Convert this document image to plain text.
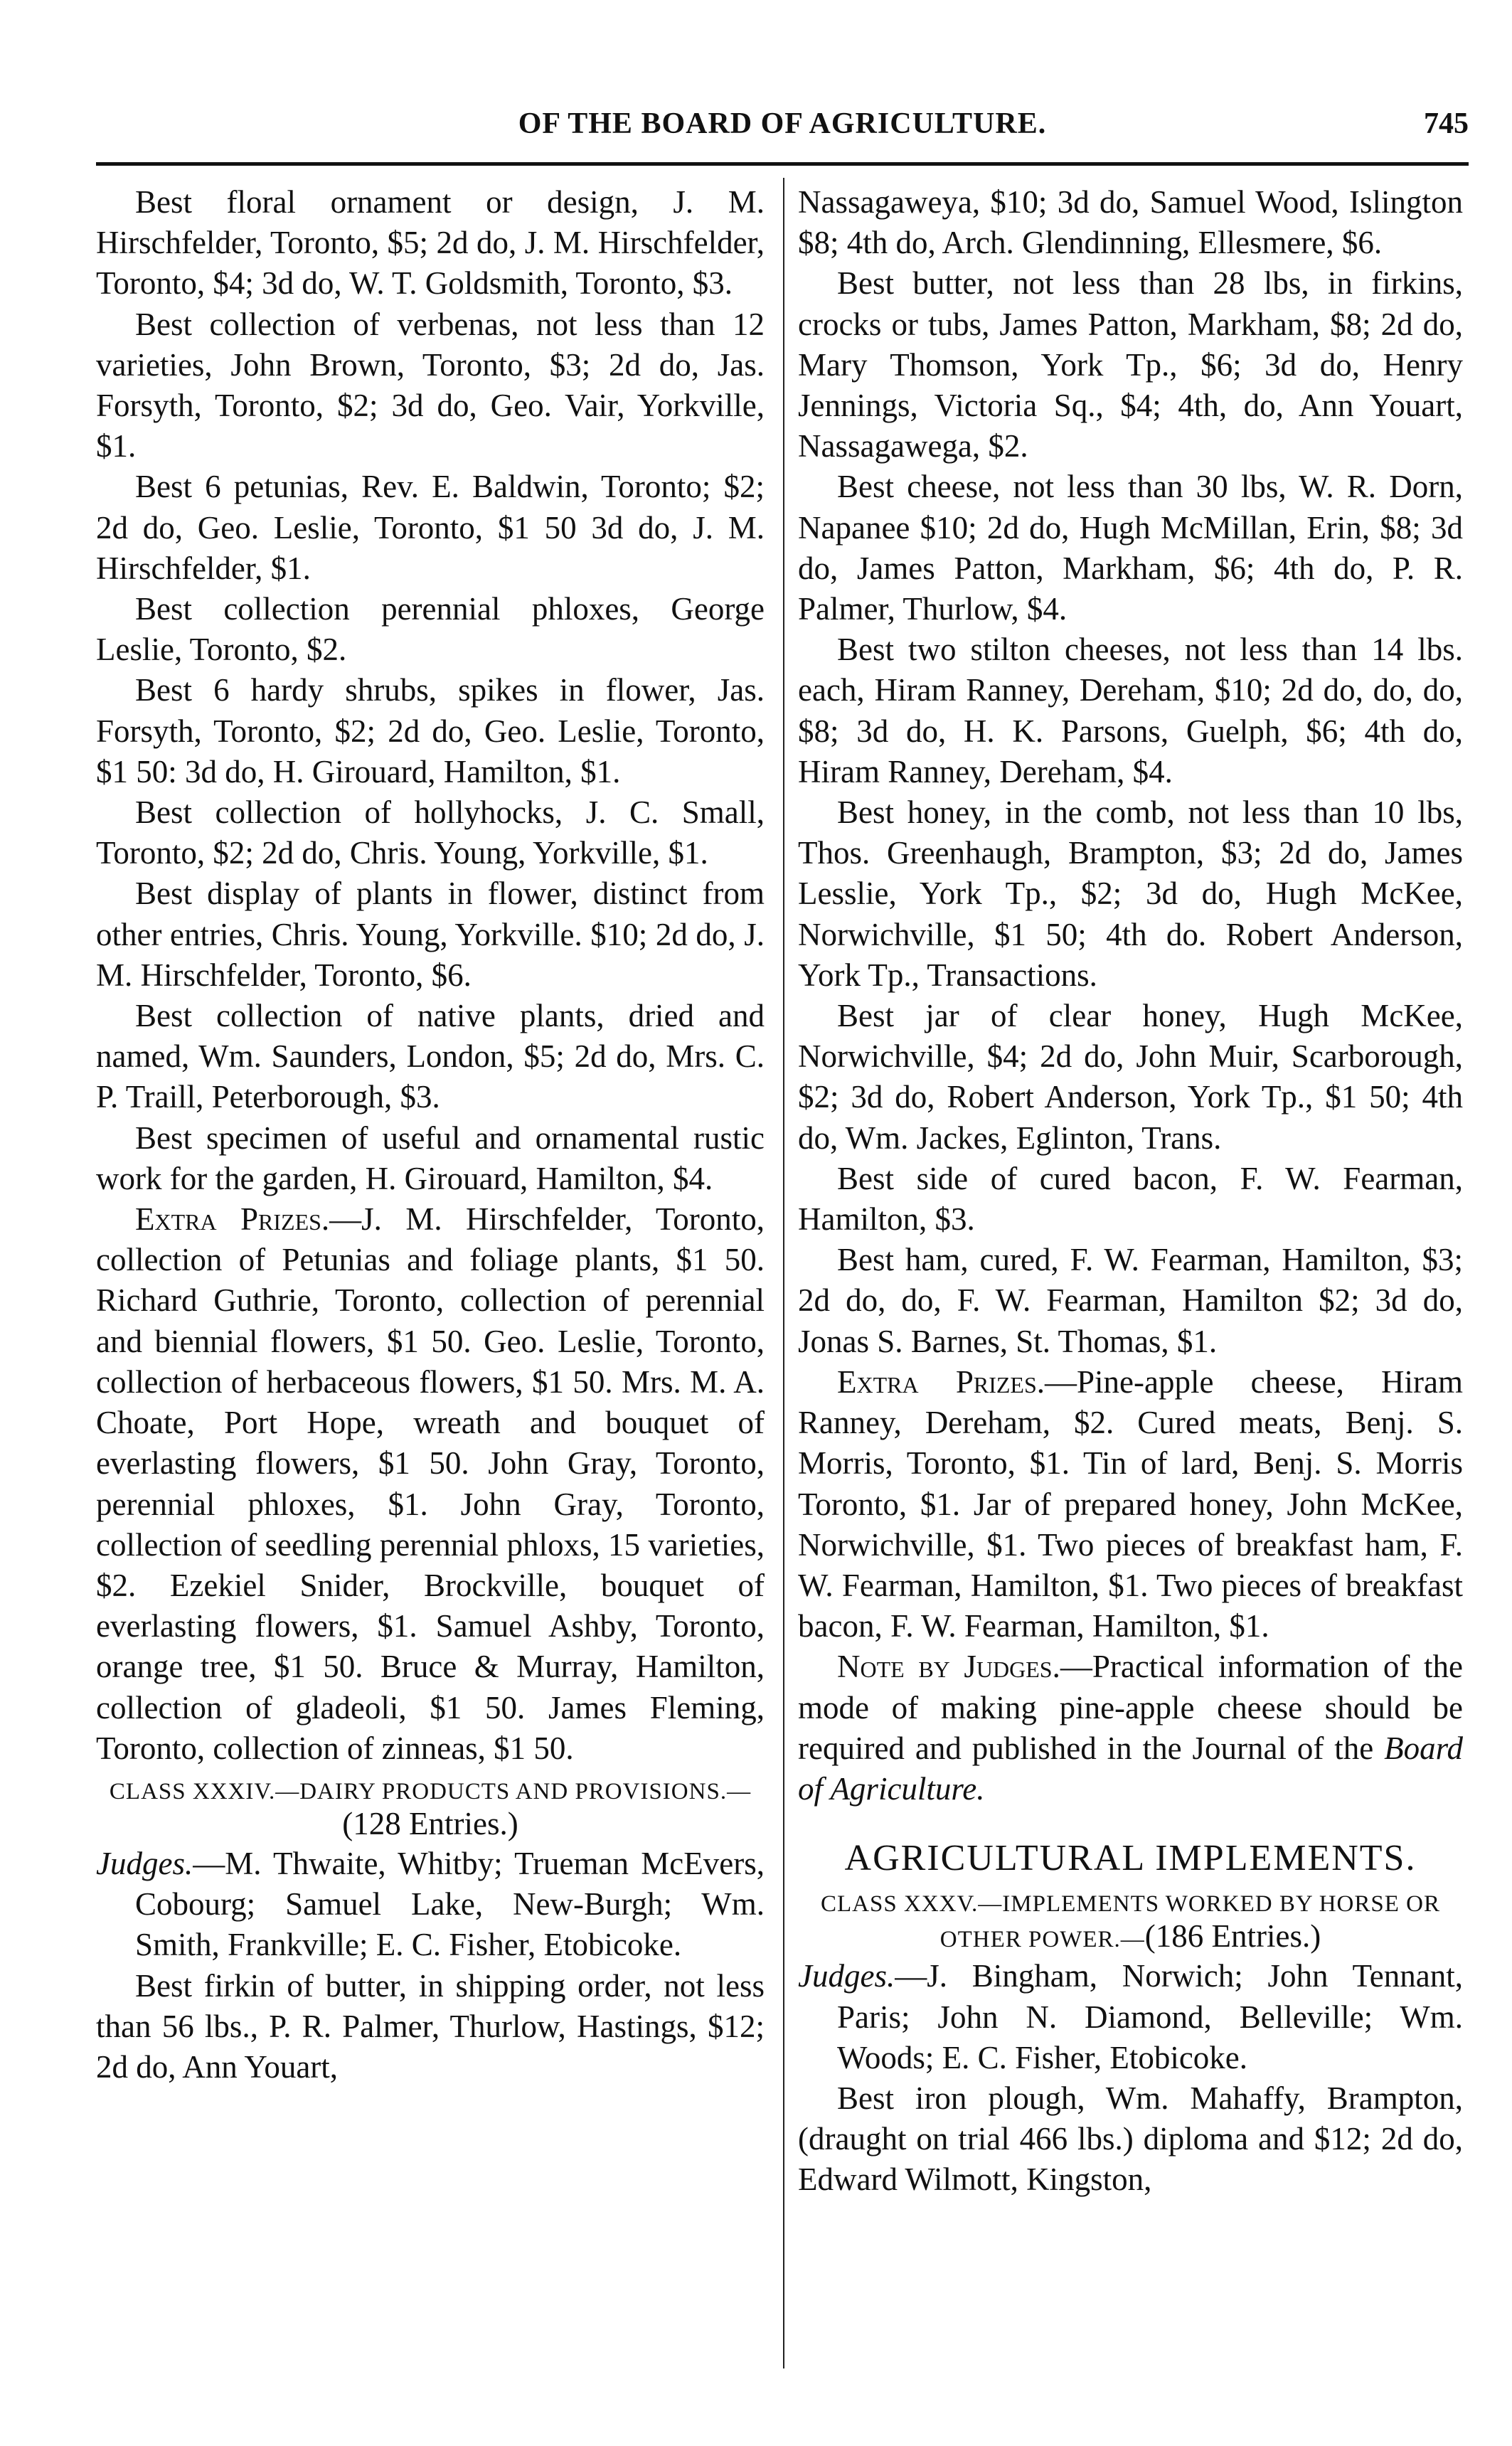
OF THE BOARD OF AGRICULTURE.	745

Best floral ornament or design, J. M. Hirschfelder, Toronto, $5; 2d do, J. M. Hirschfelder, Toronto, $4; 3d do, W. T. Goldsmith, Toronto, $3.

Best collection of verbenas, not less than 12 varieties, John Brown, Toronto, $3; 2d do, Jas. Forsyth, Toronto, $2; 3d do, Geo. Vair, Yorkville, $1.

Best 6 petunias, Rev. E. Baldwin, Toronto; $2; 2d do, Geo. Leslie, Toronto, $1 50 3d do, J. M. Hirschfelder, $1.

Best collection perennial phloxes, George Leslie, Toronto, $2.

Best 6 hardy shrubs, spikes in flower, Jas. Forsyth, Toronto, $2; 2d do, Geo. Leslie, Toronto, $1 50: 3d do, H. Girouard, Hamilton, $1.

Best collection of hollyhocks, J. C. Small, Toronto, $2; 2d do, Chris. Young, Yorkville, $1.

Best display of plants in flower, distinct from other entries, Chris. Young, Yorkville. $10; 2d do, J. M. Hirschfelder, Toronto, $6.

Best collection of native plants, dried and named, Wm. Saunders, London, $5; 2d do, Mrs. C. P. Traill, Peterborough, $3.

Best specimen of useful and ornamental rustic work for the garden, H. Girouard, Hamilton, $4.

Extra Prizes.—J. M. Hirschfelder, Toronto, collection of Petunias and foliage plants, $1 50. Richard Guthrie, Toronto, collection of perennial and biennial flowers, $1 50. Geo. Leslie, Toronto, collection of herbaceous flowers, $1 50. Mrs. M. A. Choate, Port Hope, wreath and bouquet of everlasting flowers, $1 50. John Gray, Toronto, perennial phloxes, $1. John Gray, Toronto, collection of seedling perennial phloxs, 15 varieties, $2. Ezekiel Snider, Brockville, bouquet of everlasting flowers, $1. Samuel Ashby, Toronto, orange tree, $1 50. Bruce & Murray, Hamilton, collection of gladeoli, $1 50. James Fleming, Toronto, collection of zinneas, $1 50.

CLASS XXXIV.—DAIRY PRODUCTS AND PROVISIONS.—(128 Entries.)

Judges.—M. Thwaite, Whitby; Trueman McEvers, Cobourg; Samuel Lake, New-Burgh; Wm. Smith, Frankville; E. C. Fisher, Etobicoke.

Best firkin of butter, in shipping order, not less than 56 lbs., P. R. Palmer, Thurlow, Hastings, $12; 2d do, Ann Youart,

Nassagaweya, $10; 3d do, Samuel Wood, Islington $8; 4th do, Arch. Glendinning, Ellesmere, $6.

Best butter, not less than 28 lbs, in firkins, crocks or tubs, James Patton, Markham, $8; 2d do, Mary Thomson, York Tp., $6; 3d do, Henry Jennings, Victoria Sq., $4; 4th, do, Ann Youart, Nassagawega, $2.

Best cheese, not less than 30 lbs, W. R. Dorn, Napanee $10; 2d do, Hugh McMillan, Erin, $8; 3d do, James Patton, Markham, $6; 4th do, P. R. Palmer, Thurlow, $4.

Best two stilton cheeses, not less than 14 lbs. each, Hiram Ranney, Dereham, $10; 2d do, do, do, $8; 3d do, H. K. Parsons, Guelph, $6; 4th do, Hiram Ranney, Dereham, $4.

Best honey, in the comb, not less than 10 lbs, Thos. Greenhaugh, Brampton, $3; 2d do, James Lesslie, York Tp., $2; 3d do, Hugh McKee, Norwichville, $1 50; 4th do. Robert Anderson, York Tp., Transactions.

Best jar of clear honey, Hugh McKee, Norwichville, $4; 2d do, John Muir, Scarborough, $2; 3d do, Robert Anderson, York Tp., $1 50; 4th do, Wm. Jackes, Eglinton, Trans.

Best side of cured bacon, F. W. Fearman, Hamilton, $3.

Best ham, cured, F. W. Fearman, Hamilton, $3; 2d do, do, F. W. Fearman, Hamilton $2; 3d do, Jonas S. Barnes, St. Thomas, $1.

Extra Prizes.—Pine-apple cheese, Hiram Ranney, Dereham, $2. Cured meats, Benj. S. Morris, Toronto, $1. Tin of lard, Benj. S. Morris Toronto, $1. Jar of prepared honey, John McKee, Norwichville, $1. Two pieces of breakfast ham, F. W. Fearman, Hamilton, $1. Two pieces of breakfast bacon, F. W. Fearman, Hamilton, $1.

Note by Judges.—Practical information of the mode of making pine-apple cheese should be required and published in the Journal of the Board of Agriculture.

AGRICULTURAL IMPLEMENTS.

CLASS XXXV.—IMPLEMENTS WORKED BY HORSE OR OTHER POWER.—(186 Entries.)

Judges.—J. Bingham, Norwich; John Tennant, Paris; John N. Diamond, Belleville; Wm. Woods; E. C. Fisher, Etobicoke.

Best iron plough, Wm. Mahaffy, Brampton, (draught on trial 466 lbs.) diploma and $12; 2d do, Edward Wilmott, Kingston,
